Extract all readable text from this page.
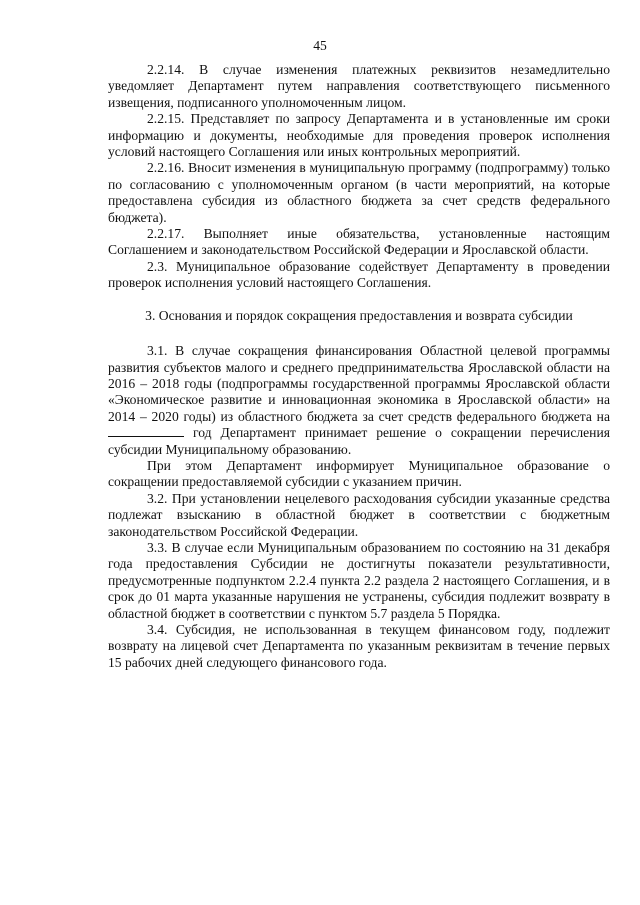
45

2.2.14. В случае изменения платежных реквизитов незамедлительно уведомляет Департамент путем направления соответствующего письменного извещения, подписанного уполномоченным лицом.

2.2.15. Представляет по запросу Департамента и в установленные им сроки информацию и документы, необходимые для проведения проверок исполнения условий настоящего Соглашения или иных контрольных мероприятий.

2.2.16. Вносит изменения в муниципальную программу (подпрограмму) только по согласованию с уполномоченным органом (в части мероприятий, на которые предоставлена субсидия из областного бюджета за счет средств федерального бюджета).

2.2.17. Выполняет иные обязательства, установленные настоящим Соглашением и законодательством Российской Федерации и Ярославской области.

2.3. Муниципальное образование содействует Департаменту в проведении проверок исполнения условий настоящего Соглашения.

3. Основания и порядок сокращения предоставления и возврата субсидии

3.1. В случае сокращения финансирования Областной целевой программы развития субъектов малого и среднего предпринимательства Ярославской области на 2016 – 2018 годы (подпрограммы государственной программы Ярославской области «Экономическое развитие и инновационная экономика в Ярославской области» на 2014 – 2020 годы) из областного бюджета за счет средств федерального бюджета на  год Департамент принимает решение о сокращении перечисления субсидии Муниципальному образованию.

При этом Департамент информирует Муниципальное образование о сокращении предоставляемой субсидии с указанием причин.

3.2. При установлении нецелевого расходования субсидии указанные средства подлежат взысканию в областной бюджет в соответствии с бюджетным законодательством Российской Федерации.

3.3. В случае если Муниципальным образованием по состоянию на 31 декабря года предоставления Субсидии не достигнуты показатели результативности, предусмотренные подпунктом 2.2.4 пункта 2.2 раздела 2 настоящего Соглашения, и в срок до 01 марта указанные нарушения не устранены, субсидия подлежит возврату в областной бюджет в соответствии с пунктом 5.7 раздела 5 Порядка.

3.4. Субсидия, не использованная в текущем финансовом году, подлежит возврату на лицевой счет Департамента по указанным реквизитам в течение первых 15 рабочих дней следующего финансового года.
